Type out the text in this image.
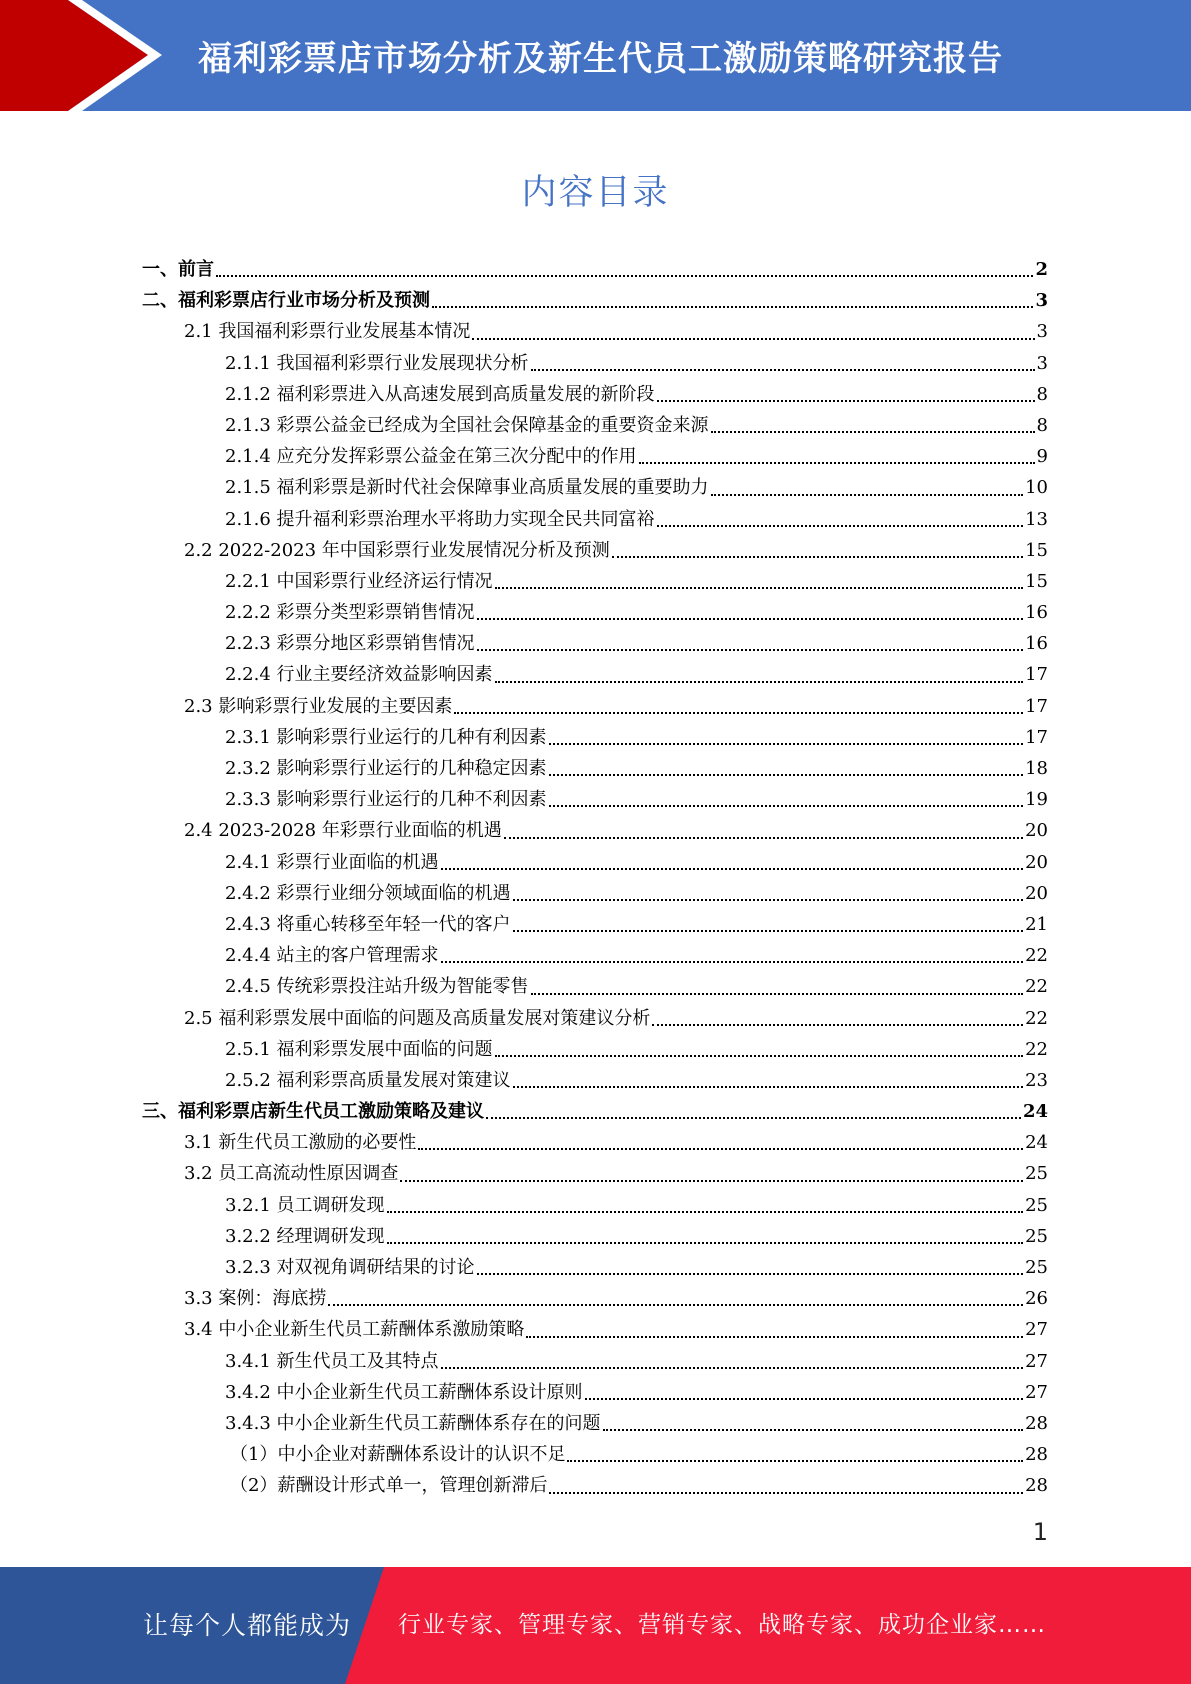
福利彩票店市场分析及新生代员工激励策略研究报告
内容目录
一、前言	2
二、福利彩票店行业市场分析及预测	3
2.1 我国福利彩票行业发展基本情况	3
2.1.1 我国福利彩票行业发展现状分析	3
2.1.2 福利彩票进入从高速发展到高质量发展的新阶段	8
2.1.3 彩票公益金已经成为全国社会保障基金的重要资金来源	8
2.1.4 应充分发挥彩票公益金在第三次分配中的作用	9
2.1.5 福利彩票是新时代社会保障事业高质量发展的重要助力	10
2.1.6 提升福利彩票治理水平将助力实现全民共同富裕	13
2.2 2022-2023 年中国彩票行业发展情况分析及预测	15
2.2.1 中国彩票行业经济运行情况	15
2.2.2 彩票分类型彩票销售情况	16
2.2.3 彩票分地区彩票销售情况	16
2.2.4 行业主要经济效益影响因素	17
2.3 影响彩票行业发展的主要因素	17
2.3.1 影响彩票行业运行的几种有利因素	17
2.3.2 影响彩票行业运行的几种稳定因素	18
2.3.3 影响彩票行业运行的几种不利因素	19
2.4 2023-2028 年彩票行业面临的机遇	20
2.4.1 彩票行业面临的机遇	20
2.4.2 彩票行业细分领域面临的机遇	20
2.4.3 将重心转移至年轻一代的客户	21
2.4.4 站主的客户管理需求	22
2.4.5 传统彩票投注站升级为智能零售	22
2.5 福利彩票发展中面临的问题及高质量发展对策建议分析	22
2.5.1 福利彩票发展中面临的问题	22
2.5.2 福利彩票高质量发展对策建议	23
三、福利彩票店新生代员工激励策略及建议	24
3.1 新生代员工激励的必要性	24
3.2 员工高流动性原因调查	25
3.2.1 员工调研发现	25
3.2.2 经理调研发现	25
3.2.3 对双视角调研结果的讨论	25
3.3 案例：海底捞	26
3.4 中小企业新生代员工薪酬体系激励策略	27
3.4.1 新生代员工及其特点	27
3.4.2 中小企业新生代员工薪酬体系设计原则	27
3.4.3 中小企业新生代员工薪酬体系存在的问题	28
（1）中小企业对薪酬体系设计的认识不足	28
（2）薪酬设计形式单一，管理创新滞后	28
1
让每个人都能成为 行业专家、管理专家、营销专家、战略专家、成功企业家……
